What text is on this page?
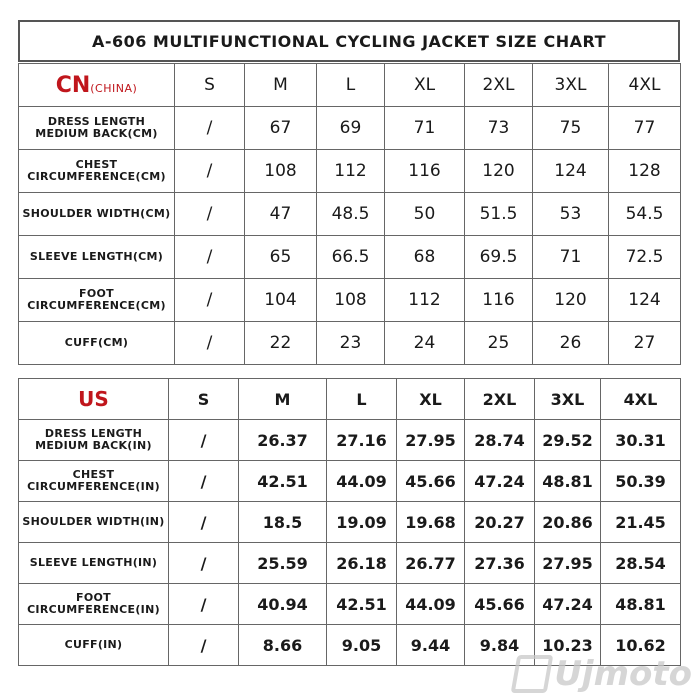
A-606 MULTIFUNCTIONAL CYCLING JACKET SIZE CHART
CN(CHINA)	S	M	L	XL	2XL	3XL	4XL

DRESS LENGTH
MEDIUM BACK(CM)	/	67	69	71	73	75	77

CHEST
CIRCUMFERENCE(CM)	/	108	112	116	120	124	128

SHOULDER WIDTH(CM)	/	47	48.5	50	51.5	53	54.5

SLEEVE LENGTH(CM)	/	65	66.5	68	69.5	71	72.5

FOOT
CIRCUMFERENCE(CM)	/	104	108	112	116	120	124

CUFF(CM)	/	22	23	24	25	26	27
US	S	M	L	XL	2XL	3XL	4XL

DRESS LENGTH
MEDIUM BACK(IN)	/	26.37	27.16	27.95	28.74	29.52	30.31

CHEST
CIRCUMFERENCE(IN)	/	42.51	44.09	45.66	47.24	48.81	50.39

SHOULDER WIDTH(IN)	/	18.5	19.09	19.68	20.27	20.86	21.45

SLEEVE LENGTH(IN)	/	25.59	26.18	26.77	27.36	27.95	28.54

FOOT
CIRCUMFERENCE(IN)	/	40.94	42.51	44.09	45.66	47.24	48.81

CUFF(IN)	/	8.66	9.05	9.44	9.84	10.23	10.62
Ujmoto
